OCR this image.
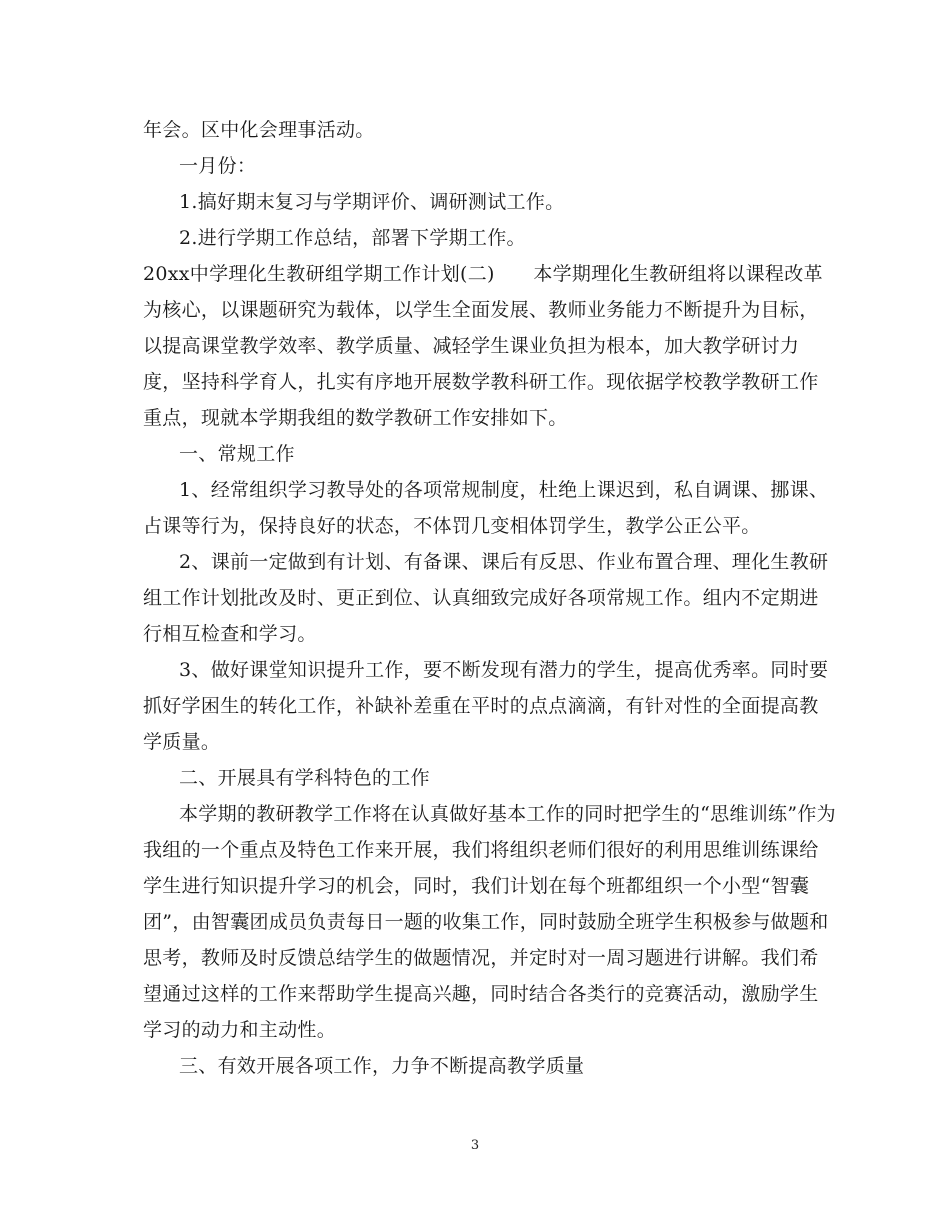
年会。区中化会理事活动。
一月份：
1.搞好期末复习与学期评价、调研测试工作。
2.进行学期工作总结，部署下学期工作。
20xx中学理化生教研组学期工作计划(二)　　本学期理化生教研组将以课程改革
为核心，以课题研究为载体，以学生全面发展、教师业务能力不断提升为目标，
以提高课堂教学效率、教学质量、减轻学生课业负担为根本，加大教学研讨力
度，坚持科学育人，扎实有序地开展数学教科研工作。现依据学校教学教研工作
重点，现就本学期我组的数学教研工作安排如下。
一、常规工作
1、经常组织学习教导处的各项常规制度，杜绝上课迟到，私自调课、挪课、
占课等行为，保持良好的状态，不体罚几变相体罚学生，教学公正公平。
2、课前一定做到有计划、有备课、课后有反思、作业布置合理、理化生教研
组工作计划批改及时、更正到位、认真细致完成好各项常规工作。组内不定期进
行相互检查和学习。
3、做好课堂知识提升工作，要不断发现有潜力的学生，提高优秀率。同时要
抓好学困生的转化工作，补缺补差重在平时的点点滴滴，有针对性的全面提高教
学质量。
二、开展具有学科特色的工作
本学期的教研教学工作将在认真做好基本工作的同时把学生的“思维训练”作为
我组的一个重点及特色工作来开展，我们将组织老师们很好的利用思维训练课给
学生进行知识提升学习的机会，同时，我们计划在每个班都组织一个小型“智囊
团”，由智囊团成员负责每日一题的收集工作，同时鼓励全班学生积极参与做题和
思考，教师及时反馈总结学生的做题情况，并定时对一周习题进行讲解。我们希
望通过这样的工作来帮助学生提高兴趣，同时结合各类行的竞赛活动，激励学生
学习的动力和主动性。
三、有效开展各项工作，力争不断提高教学质量
3
